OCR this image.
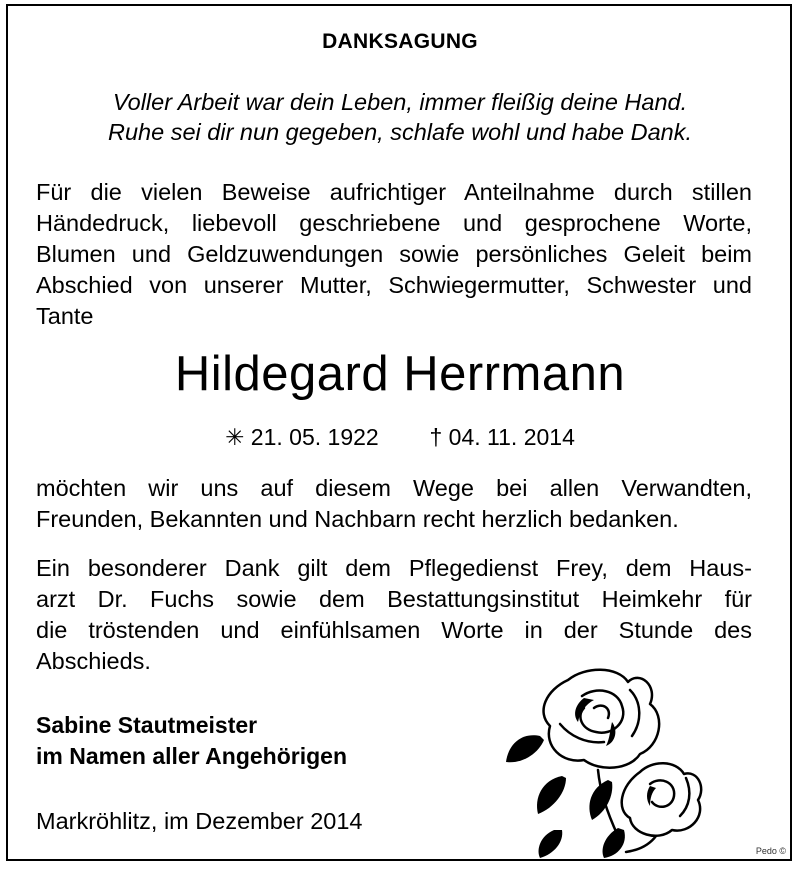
DANKSAGUNG

Voller Arbeit war dein Leben, immer fleißig deine Hand.

Ruhe sei dir nun gegeben, schlafe wohl und habe Dank.

Für die vielen Beweise aufrichtiger Anteilnahme durch stillen
Händedruck, liebevoll geschriebene und gesprochene Worte,
Blumen und Geldzuwendungen sowie persönliches Geleit beim
Abschied von unserer Mutter, Schwiegermutter, Schwester und
Tante

Hildegard Herrmann

✳ 21. 05. 1922 † 04. 11. 2014

möchten wir uns auf diesem Wege bei allen Verwandten,
Freunden, Bekannten und Nachbarn recht herzlich bedanken.
Ein besonderer Dank gilt dem Pflegedienst Frey, dem Haus-
arzt Dr. Fuchs sowie dem Bestattungsinstitut Heimkehr für
die tröstenden und einfühlsamen Worte in der Stunde des
Abschieds.
Sabine Stautmeister
im Namen aller Angehörigen

Markröhlitz, im Dezember 2014

Pedo ©
